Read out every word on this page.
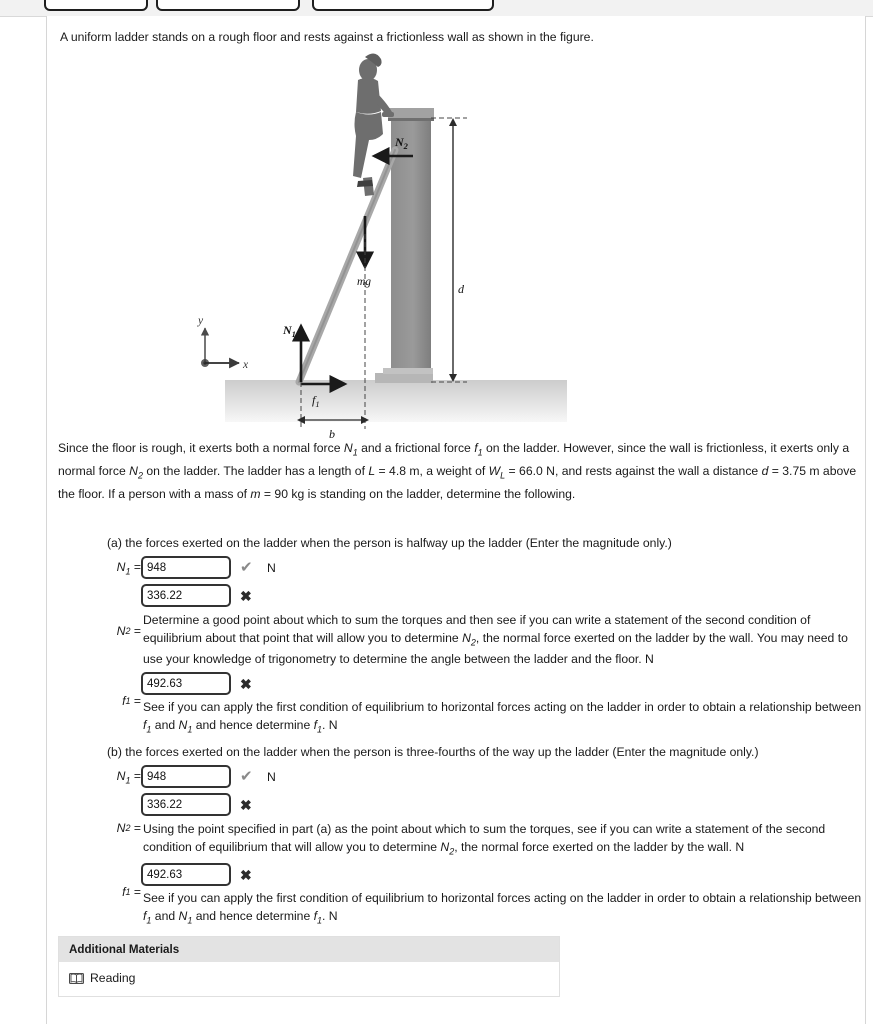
A uniform ladder stands on a rough floor and rests against a frictionless wall as shown in the figure.
$N_2$
mg
$N_1$
$f_1$
y
x
d
b
Since the floor is rough, it exerts both a normal force $N_1$ and a frictional force $f_1$ on the ladder. However, since the wall is frictionless, it exerts only a normal force $N_2$ on the ladder. The ladder has a length of L = 4.8 m, a weight of $W_L = 66.0$ N, and rests against the wall a distance d = 3.75 m above the floor. If a person with a mass of m = 90 kg is standing on the ladder, determine the following.
(a) the forces exerted on the ladder when the person is halfway up the ladder (Enter the magnitude only.)
$N_1$ =
948	✔ N
336.22
✖
N 2
=
Determine a good point about which to sum the torques and then see if you can write a statement of the second condition of equilibrium about that point that will allow you to determine $N_2$, the normal force exerted on the ladder by the wall. You may need to use your knowledge of trigonometry to determine the angle between the ladder and the floor. N
f 1
=
492.63
✖
See if you can apply the first condition of equilibrium to horizontal forces acting on the ladder in order to obtain a relationship between $f_1$ and $N_1$ and hence determine $f_1$. N
(b) the forces exerted on the ladder when the person is three-fourths of the way up the ladder (Enter the magnitude only.)
$N_1$ =
948	✔ N
336.22
✖
N 2
= Using the point specified in part (a) as the point about which to sum the torques, see if you can write a statement of the second condition of equilibrium that will allow you to determine $N_2$, the normal force exerted on the ladder by the wall. N
f 1
=
492.63
✖
See if you can apply the first condition of equilibrium to horizontal forces acting on the ladder in order to obtain a relationship between $f_1$ and $N_1$ and hence determine $f_1$. N
Additional Materials
Reading
